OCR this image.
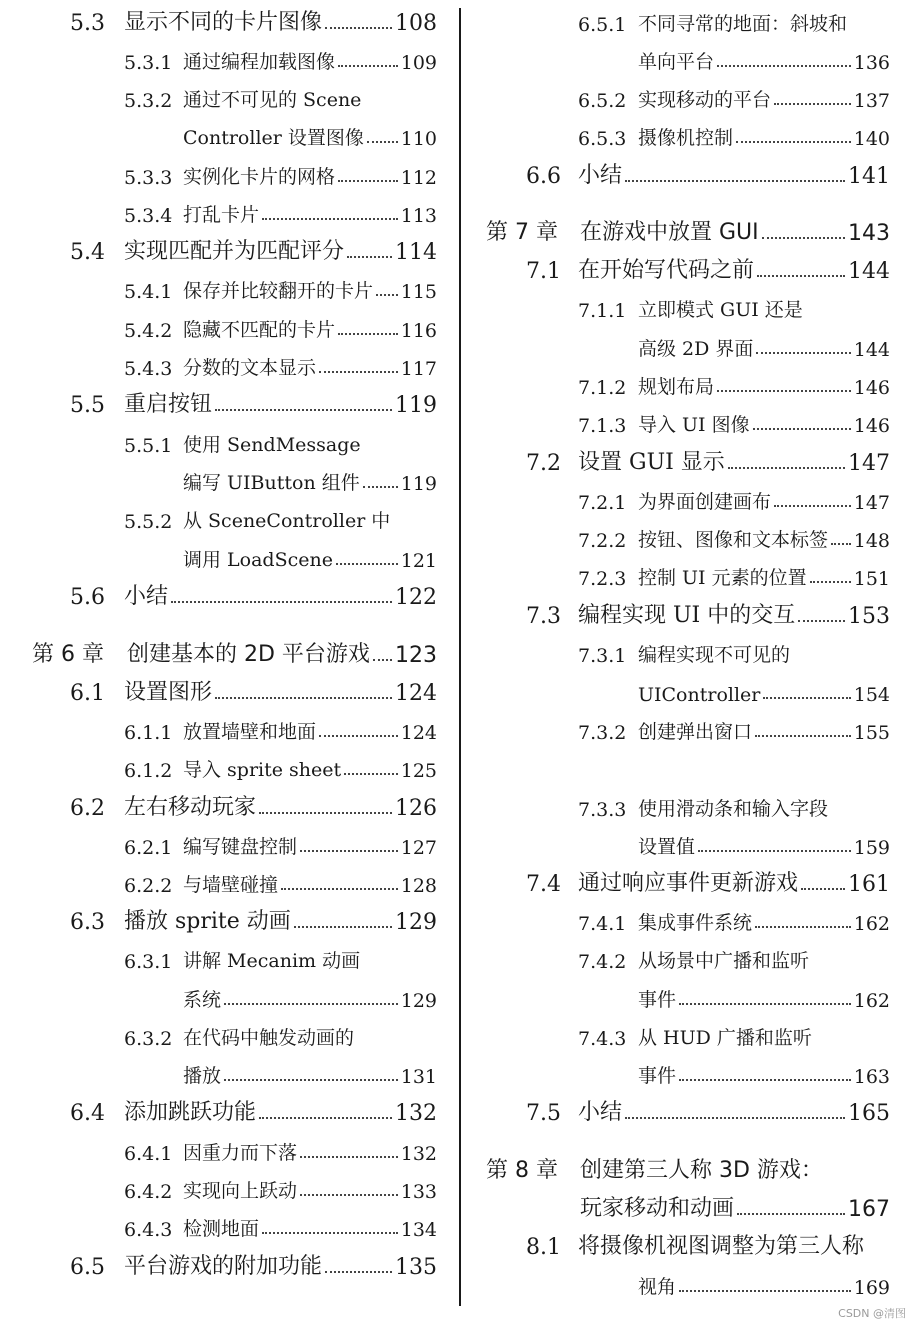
5.3 显示不同的卡片图像	108
5.3.1 通过编程加载图像	109
5.3.2 通过不可见的 Scene
Controller 设置图像 110
5.3.3 实例化卡片的网格	112
5.3.4 打乱卡片	113
5.4 实现匹配并为匹配评分 114
5.4.1 保存并比较翻开的卡片 115
5.4.2 隐藏不匹配的卡片	116
5.4.3 分数的文本显示	117
5.5 重启按钮	119
5.5.1 使用 SendMessage
编写 UIButton 组件 119
5.5.2 从 SceneController 中
调用 LoadScene	121
5.6 小结	122
第 6 章 创建基本的 2D 平台游戏 123
6.1 设置图形	124
6.1.1 放置墙壁和地面	124
6.1.2 导入 sprite sheet	125
6.2 左右移动玩家	126
6.2.1 编写键盘控制	127
6.2.2 与墙壁碰撞	128
6.3 播放 sprite 动画	129
6.3.1 讲解 Mecanim 动画
系统	129
6.3.2 在代码中触发动画的
播放	131
6.4 添加跳跃功能	132
6.4.1 因重力而下落	132
6.4.2 实现向上跃动	133
6.4.3 检测地面	134
6.5 平台游戏的附加功能	135
6.5.1 不同寻常的地面：斜坡和
单向平台	136
6.5.2 实现移动的平台	137
6.5.3 摄像机控制	140
6.6 小结	141
第 7 章 在游戏中放置 GUI	143
7.1 在开始写代码之前	144
7.1.1 立即模式 GUI 还是
高级 2D 界面	144
7.1.2 规划布局	146
7.1.3 导入 UI 图像	146
7.2 设置 GUI 显示	147
7.2.1 为界面创建画布	147
7.2.2 按钮、图像和文本标签 148
7.2.3 控制 UI 元素的位置 151
7.3 编程实现 UI 中的交互 153
7.3.1 编程实现不可见的
UIController	154
7.3.2 创建弹出窗口	155
7.3.3 使用滑动条和输入字段
设置值	159
7.4 通过响应事件更新游戏 161
7.4.1 集成事件系统	162
7.4.2 从场景中广播和监听
事件	162
7.4.3 从 HUD 广播和监听
事件	163
7.5 小结	165
第 8 章 创建第三人称 3D 游戏：
玩家移动和动画	167
8.1 将摄像机视图调整为第三人称
视角	169
CSDN @清图
